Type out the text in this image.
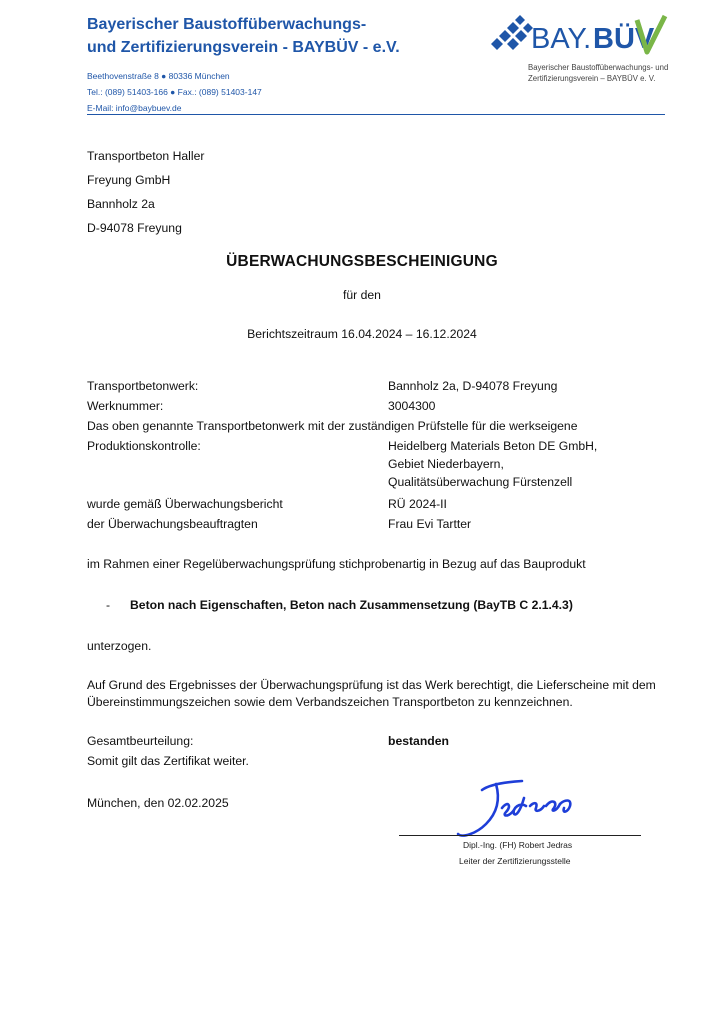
Bayerischer Baustoffüberwachungs-
und Zertifizierungsverein - BAYBÜV - e.V.
Beethovenstraße 8 ● 80336 München
Tel.: (089) 51403-166 ● Fax.: (089) 51403-147
E-Mail: info@baybuev.de
BAY. BÜV
Bayerischer Baustoffüberwachungs- und
Zertifizierungsverein – BAYBÜV e. V.
Transportbeton Haller
Freyung GmbH
Bannholz 2a
D-94078 Freyung
ÜBERWACHUNGSBESCHEINIGUNG
für den
Berichtszeitraum 16.04.2024 – 16.12.2024
Transportbetonwerk:	Bannholz 2a, D-94078 Freyung
Werknummer:	3004300
Das oben genannte Transportbetonwerk mit der zuständigen Prüfstelle für die werkseigene
Produktionskontrolle:	Heidelberg Materials Beton DE GmbH,
Gebiet Niederbayern,
Qualitätsüberwachung Fürstenzell
wurde gemäß Überwachungsbericht	RÜ 2024-II
der Überwachungsbeauftragten	Frau Evi Tartter
im Rahmen einer Regelüberwachungsprüfung stichprobenartig in Bezug auf das Bauprodukt
- Beton nach Eigenschaften, Beton nach Zusammensetzung (BayTB C 2.1.4.3)
unterzogen.
Auf Grund des Ergebnisses der Überwachungsprüfung ist das Werk berechtigt, die Lieferscheine mit dem
Übereinstimmungszeichen sowie dem Verbandszeichen Transportbeton zu kennzeichnen.
Gesamtbeurteilung:	bestanden
Somit gilt das Zertifikat weiter.
München, den 02.02.2025
Dipl.-Ing. (FH) Robert Jedras
Leiter der Zertifizierungsstelle
